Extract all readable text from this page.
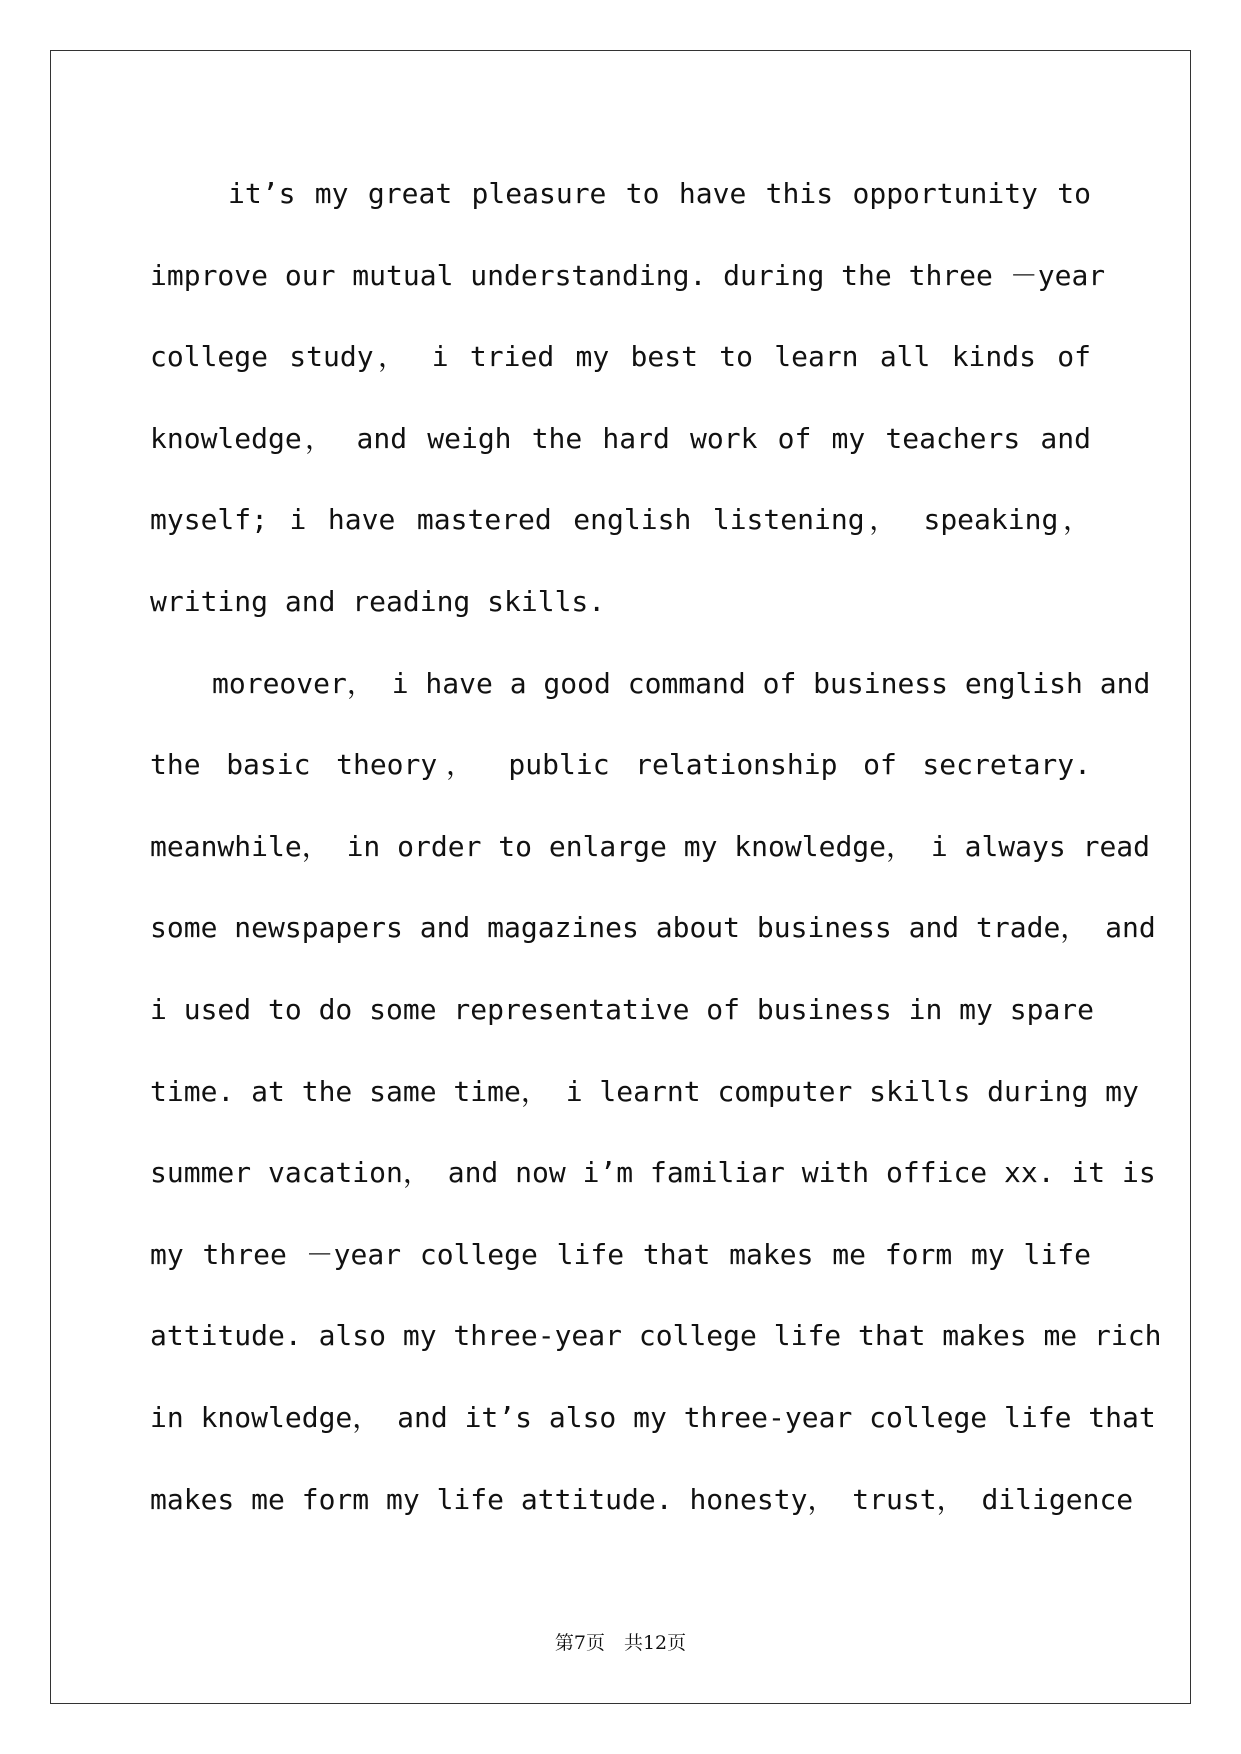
it’s my great pleasure to have this opportunity to
improve our mutual understanding. during the three －year
college study， i tried my best to learn all kinds of
knowledge， and weigh the hard work of my teachers and
myself; i have mastered english listening， speaking，
writing and reading skills.
moreover， i have a good command of business english and
the basic theory， public relationship of secretary.
meanwhile， in order to enlarge my knowledge， i always read
some newspapers and magazines about business and trade， and
i used to do some representative of business in my spare
time. at the same time， i learnt computer skills during my
summer vacation， and now i’m familiar with office xx. it is
my three －year college life that makes me form my life
attitude. also my three-year college life that makes me rich
in knowledge， and it’s also my three-year college life that
makes me form my life attitude. honesty， trust， diligence
第7页　共12页
